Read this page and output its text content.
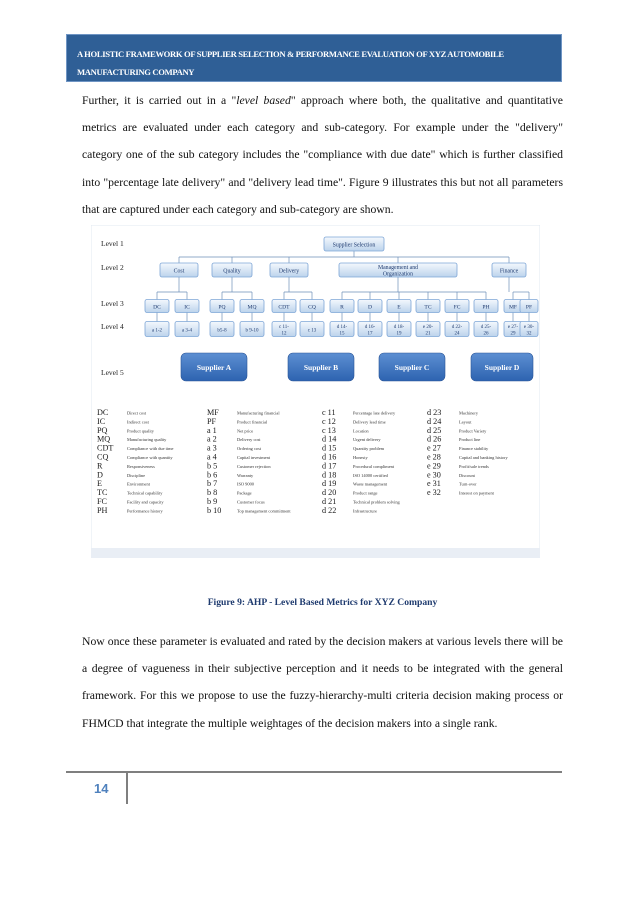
A HOLISTIC FRAMEWORK OF SUPPLIER SELECTION & PERFORMANCE EVALUATION OF XYZ AUTOMOBILE
MANUFACTURING COMPANY

Further, it is carried out in a "level based" approach where both, the qualitative and quantitative metrics are evaluated under each category and sub-category. For example under the "delivery" category one of the sub category includes the "compliance with due date" which is further classified into "percentage late delivery" and "delivery lead time". Figure 9 illustrates this but not all parameters that are captured under each category and sub-category are shown.

Level 1
Level 2
Level 3
Level 4
Level 5
Supplier Selection
Cost	Quality	Delivery
Management and
Organization
Finance
DC	IC	PQ	MQ	CDT	CQ	R	D	E	TC	FC	PH	MF PF
a 1-2	a 3-4	b5-8	b 9-10
c 11-
12
c 13
d 14-
15
d 16-
17
d 18-
19
e 20-
21
d 22-
24
d 25-
26
e 27-
29
e 30-
32
Supplier A	Supplier B	Supplier C	Supplier D
DC	Direct cost
IC	Indirect cost
PQ	Product quality
MQ	Manufacturing quality
CDT	Compliance with due time
CQ	Compliance with quantity
R	Responsiveness
D	Discipline
E	Environment
TC	Technical capability
FC	Facility and capacity
PH	Performance history
MF	Manufacturing financial
PF	Product financial
a 1	Net price
a 2	Delivery cost
a 3	Ordering cost
a 4	Capital investment
b 5	Customer rejection
b 6	Warranty
b 7	ISO 9000
b 8	Package
b 9	Customer focus
b 10	Top management commitment
c 11	Percentage late delivery
c 12	Delivery lead time
c 13	Location
d 14	Urgent delivery
d 15	Quantity problem
d 16	Honesty
d 17	Procedural compliment
d 18	ISO 14000 certified
d 19	Waste management
d 20	Product range
d 21	Technical problem solving
d 22	Infrastructure
d 23	Machinery
d 24	Layout
d 25	Product Variety
d 26	Product line
e 27	Finance stability
e 28	Capital and banking history
e 29	Profit/sale trends
e 30	Discount
e 31	Turn-over
e 32	Interest on payment
Figure 9: AHP - Level Based Metrics for XYZ Company

Now once these parameter is evaluated and rated by the decision makers at various levels there will be a degree of vagueness in their subjective perception and it needs to be integrated with the general framework. For this we propose to use the fuzzy-hierarchy-multi criteria decision making process or FHMCD that integrate the multiple weightages of the decision makers into a single rank.

14
